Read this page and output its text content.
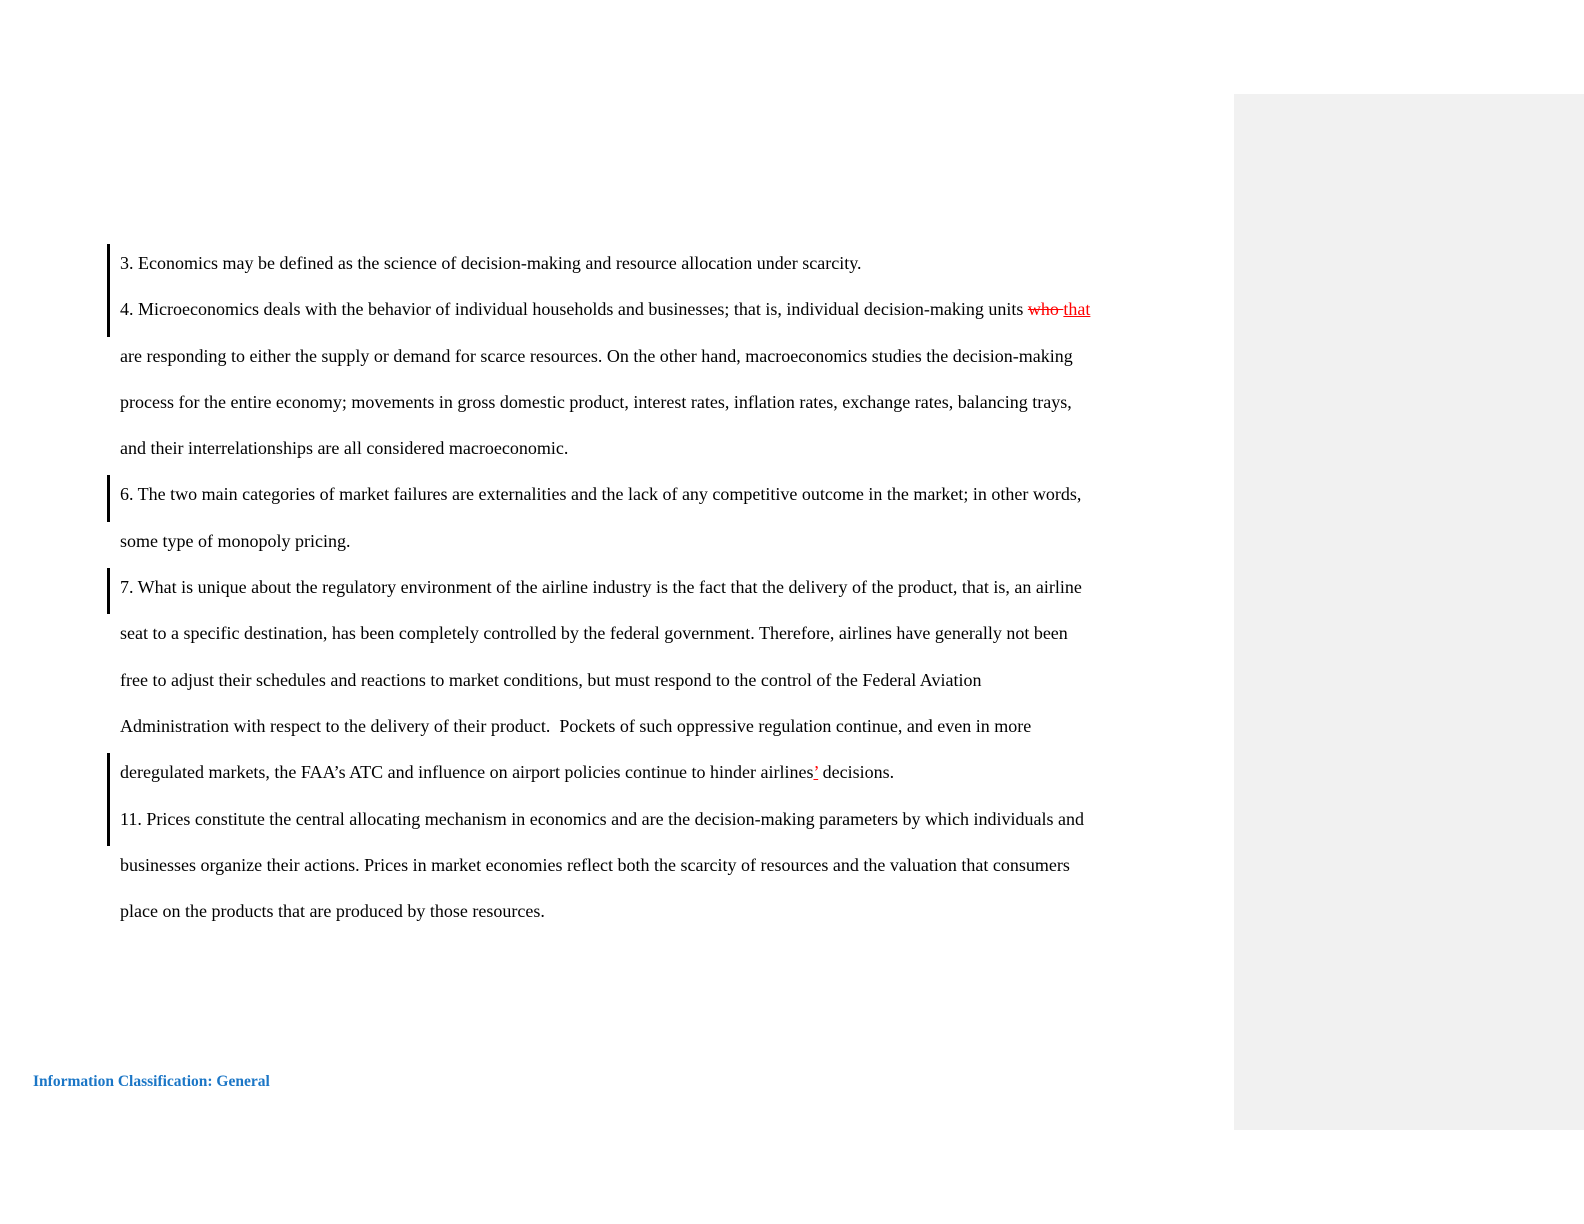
3. Economics may be defined as the science of decision-making and resource allocation under scarcity.
4. Microeconomics deals with the behavior of individual households and businesses; that is, individual decision-making units who that
are responding to either the supply or demand for scarce resources. On the other hand, macroeconomics studies the decision-making
process for the entire economy; movements in gross domestic product, interest rates, inflation rates, exchange rates, balancing trays,
and their interrelationships are all considered macroeconomic.
6. The two main categories of market failures are externalities and the lack of any competitive outcome in the market; in other words,
some type of monopoly pricing.
7. What is unique about the regulatory environment of the airline industry is the fact that the delivery of the product, that is, an airline
seat to a specific destination, has been completely controlled by the federal government. Therefore, airlines have generally not been
free to adjust their schedules and reactions to market conditions, but must respond to the control of the Federal Aviation
Administration with respect to the delivery of their product.  Pockets of such oppressive regulation continue, and even in more
deregulated markets, the FAA’s ATC and influence on airport policies continue to hinder airlines’ decisions.
11. Prices constitute the central allocating mechanism in economics and are the decision-making parameters by which individuals and
businesses organize their actions. Prices in market economies reflect both the scarcity of resources and the valuation that consumers
place on the products that are produced by those resources.
Information Classification: General
